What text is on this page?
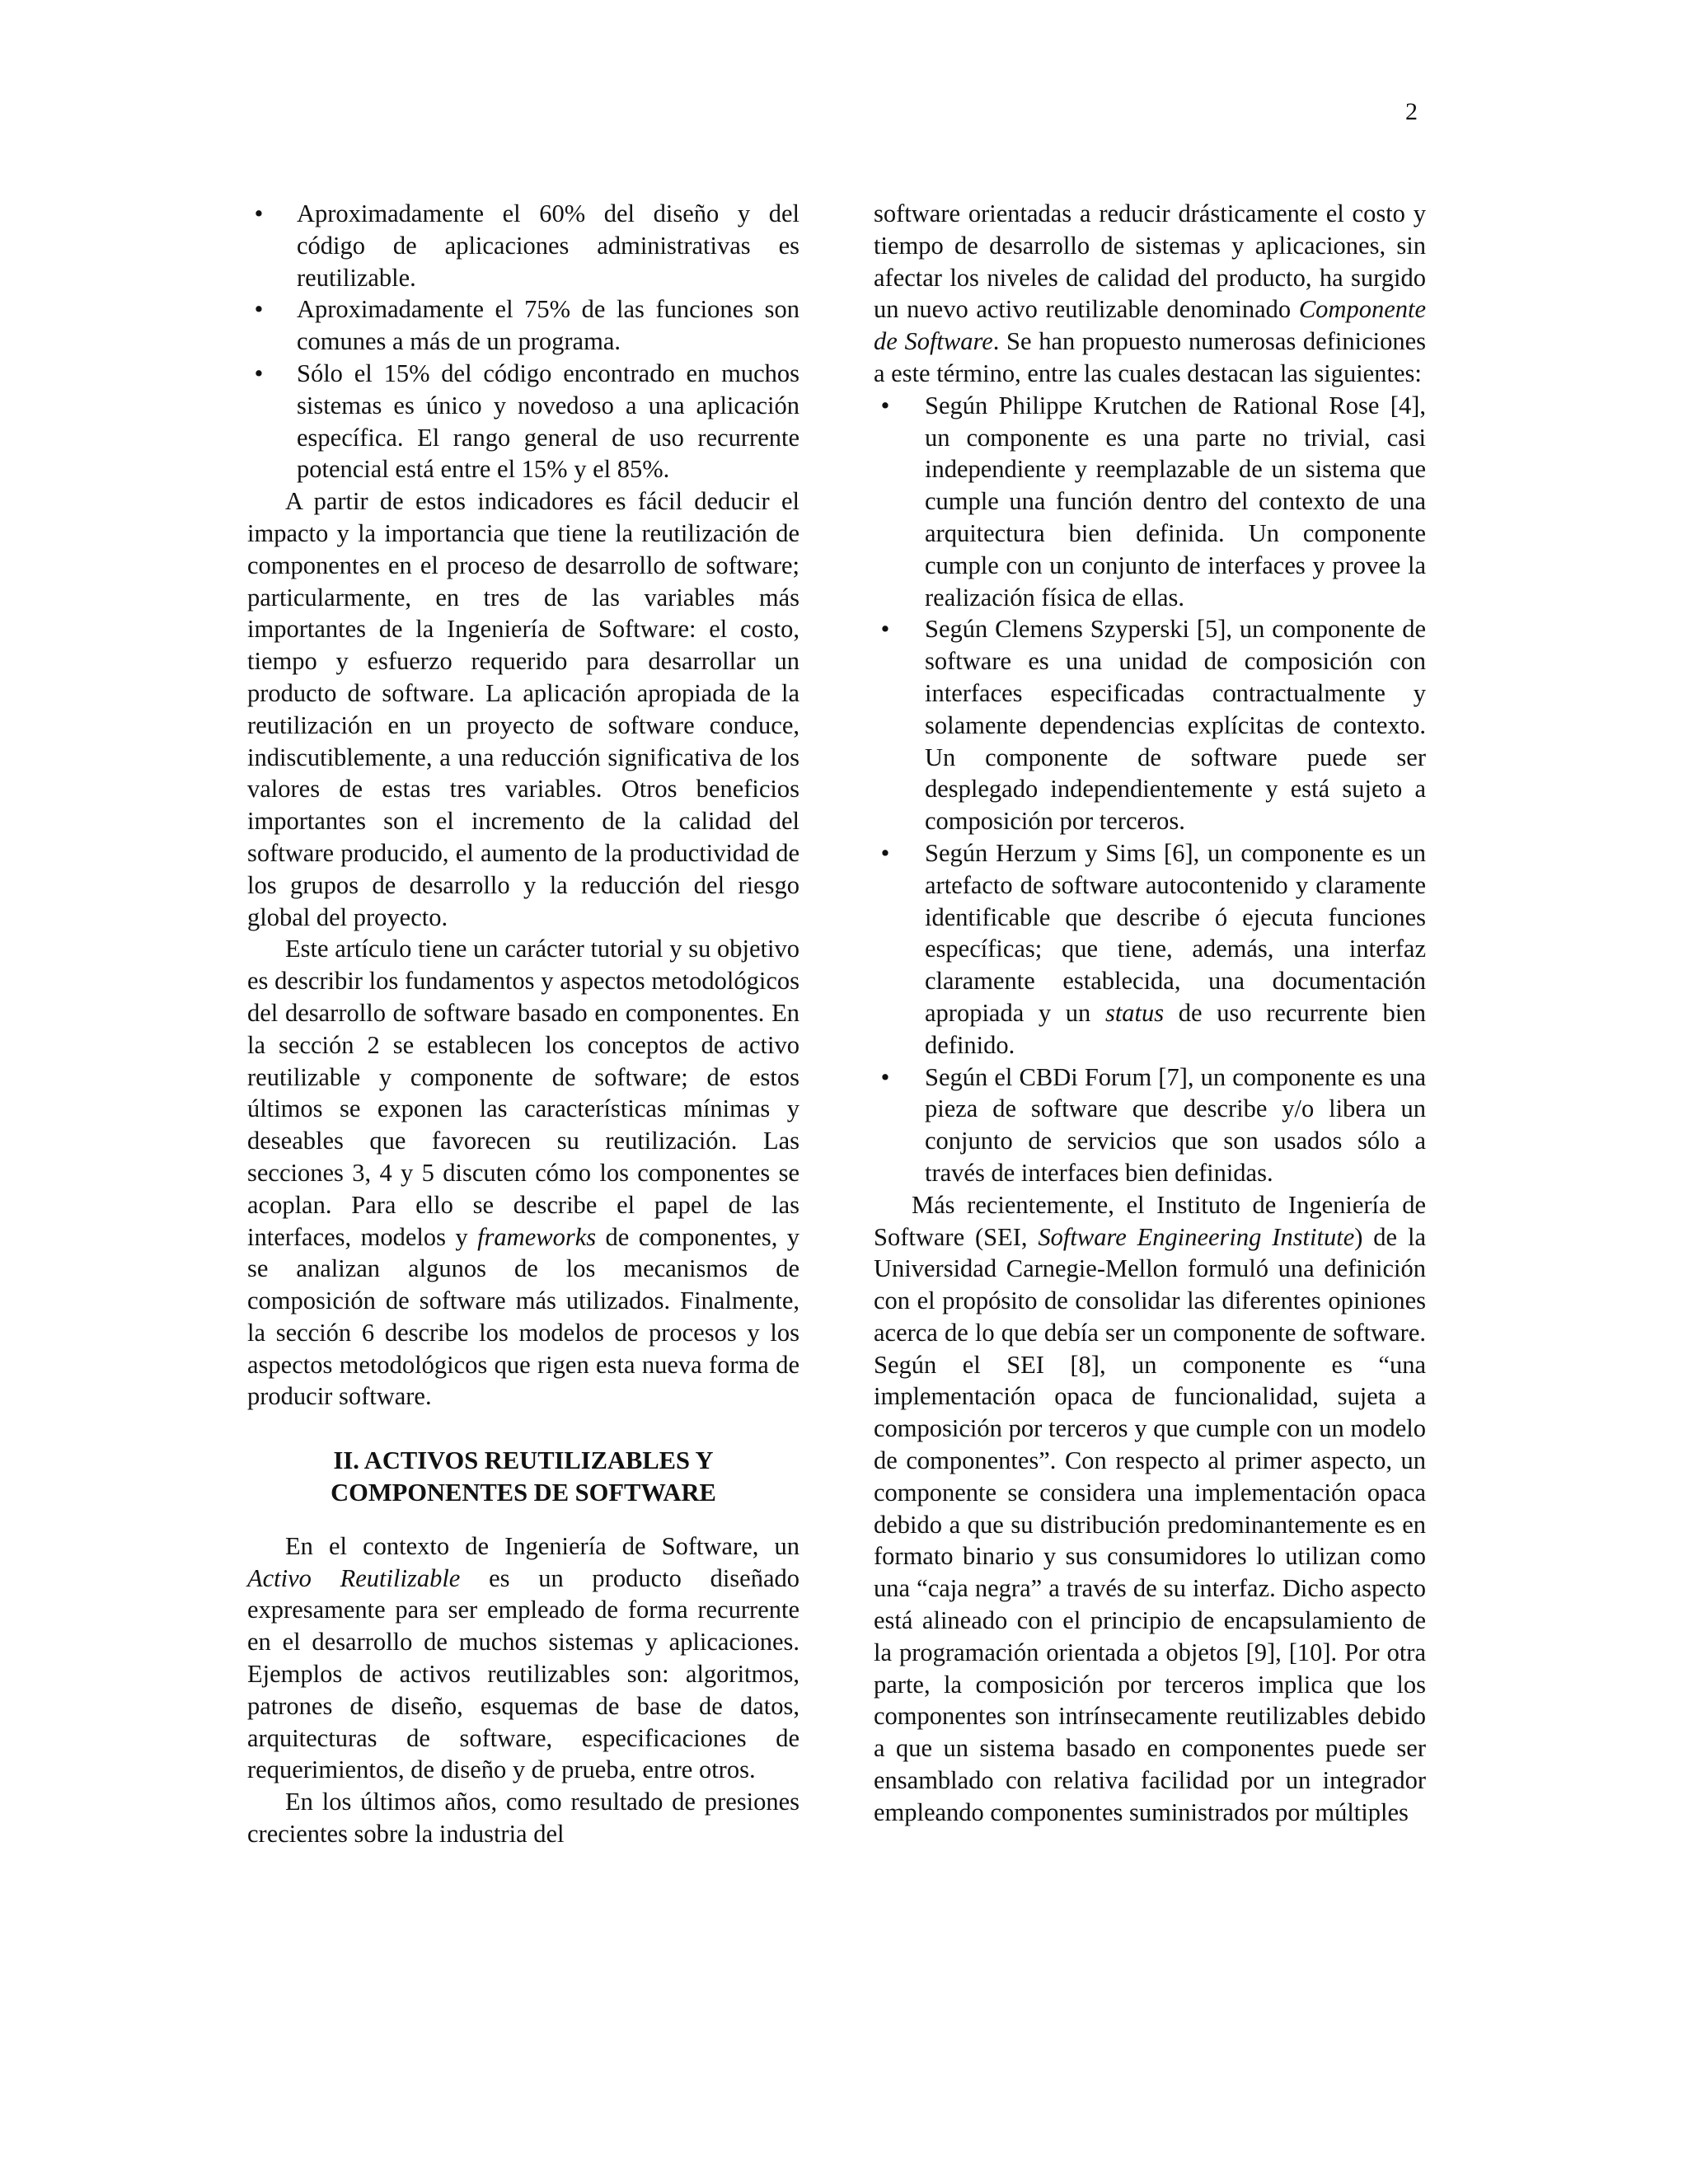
2
• Aproximadamente el 60% del diseño y del código de aplicaciones administrativas es reutilizable.
• Aproximadamente el 75% de las funciones son comunes a más de un programa.
• Sólo el 15% del código encontrado en muchos sistemas es único y novedoso a una aplicación específica. El rango general de uso recurrente potencial está entre el 15% y el 85%.

A partir de estos indicadores es fácil deducir el impacto y la importancia que tiene la reutilización de componentes en el proceso de desarrollo de software; particularmente, en tres de las variables más importantes de la Ingeniería de Software: el costo, tiempo y esfuerzo requerido para desarrollar un producto de software. La aplicación apropiada de la reutilización en un proyecto de software conduce, indiscutiblemente, a una reducción significativa de los valores de estas tres variables. Otros beneficios importantes son el incremento de la calidad del software producido, el aumento de la productividad de los grupos de desarrollo y la reducción del riesgo global del proyecto.

Este artículo tiene un carácter tutorial y su objetivo es describir los fundamentos y aspectos metodológicos del desarrollo de software basado en componentes. En la sección 2 se establecen los conceptos de activo reutilizable y componente de software; de estos últimos se exponen las características mínimas y deseables que favorecen su reutilización. Las secciones 3, 4 y 5 discuten cómo los componentes se acoplan. Para ello se describe el papel de las interfaces, modelos y frameworks de componentes, y se analizan algunos de los mecanismos de composición de software más utilizados. Finalmente, la sección 6 describe los modelos de procesos y los aspectos metodológicos que rigen esta nueva forma de producir software.

II. ACTIVOS REUTILIZABLES Y
COMPONENTES DE SOFTWARE

En el contexto de Ingeniería de Software, un Activo Reutilizable es un producto diseñado expresamente para ser empleado de forma recurrente en el desarrollo de muchos sistemas y aplicaciones. Ejemplos de activos reutilizables son: algoritmos, patrones de diseño, esquemas de base de datos, arquitecturas de software, especificaciones de requerimientos, de diseño y de prueba, entre otros.

En los últimos años, como resultado de presiones crecientes sobre la industria del

software orientadas a reducir drásticamente el costo y tiempo de desarrollo de sistemas y aplicaciones, sin afectar los niveles de calidad del producto, ha surgido un nuevo activo reutilizable denominado Componente de Software. Se han propuesto numerosas definiciones a este término, entre las cuales destacan las siguientes:

• Según Philippe Krutchen de Rational Rose [4], un componente es una parte no trivial, casi independiente y reemplazable de un sistema que cumple una función dentro del contexto de una arquitectura bien definida. Un componente cumple con un conjunto de interfaces y provee la realización física de ellas.
• Según Clemens Szyperski [5], un componente de software es una unidad de composición con interfaces especificadas contractualmente y solamente dependencias explícitas de contexto. Un componente de software puede ser desplegado independientemente y está sujeto a composición por terceros.
• Según Herzum y Sims [6], un componente es un artefacto de software autocontenido y claramente identificable que describe ó ejecuta funciones específicas; que tiene, además, una interfaz claramente establecida, una documentación apropiada y un status de uso recurrente bien definido.
• Según el CBDi Forum [7], un componente es una pieza de software que describe y/o libera un conjunto de servicios que son usados sólo a través de interfaces bien definidas.

Más recientemente, el Instituto de Ingeniería de Software (SEI, Software Engineering Institute) de la Universidad Carnegie-Mellon formuló una definición con el propósito de consolidar las diferentes opiniones acerca de lo que debía ser un componente de software. Según el SEI [8], un componente es “una implementación opaca de funcionalidad, sujeta a composición por terceros y que cumple con un modelo de componentes”. Con respecto al primer aspecto, un componente se considera una implementación opaca debido a que su distribución predominantemente es en formato binario y sus consumidores lo utilizan como una “caja negra” a través de su interfaz. Dicho aspecto está alineado con el principio de encapsulamiento de la programación orientada a objetos [9], [10]. Por otra parte, la composición por terceros implica que los componentes son intrínsecamente reutilizables debido a que un sistema basado en componentes puede ser ensamblado con relativa facilidad por un integrador empleando componentes suministrados por múltiples
